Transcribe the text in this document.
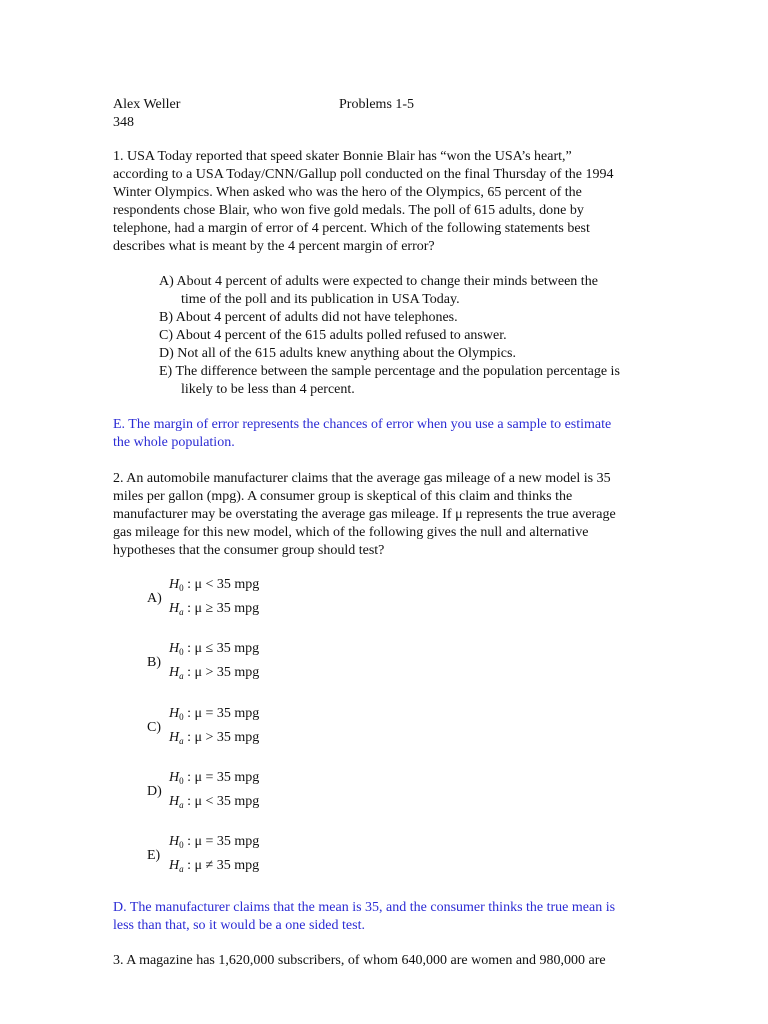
Alex Weller	Problems 1-5
348
1. USA Today reported that speed skater Bonnie Blair has “won the USA’s heart,”
according to a USA Today/CNN/Gallup poll conducted on the final Thursday of the 1994
Winter Olympics. When asked who was the hero of the Olympics, 65 percent of the
respondents chose Blair, who won five gold medals. The poll of 615 adults, done by
telephone, had a margin of error of 4 percent. Which of the following statements best
describes what is meant by the 4 percent margin of error?
A) About 4 percent of adults were expected to change their minds between the
time of the poll and its publication in USA Today.
B) About 4 percent of adults did not have telephones.
C) About 4 percent of the 615 adults polled refused to answer.
D) Not all of the 615 adults knew anything about the Olympics.
E) The difference between the sample percentage and the population percentage is
likely to be less than 4 percent.
E. The margin of error represents the chances of error when you use a sample to estimate
the whole population.
2. An automobile manufacturer claims that the average gas mileage of a new model is 35
miles per gallon (mpg). A consumer group is skeptical of this claim and thinks the
manufacturer may be overstating the average gas mileage. If μ represents the true average
gas mileage for this new model, which of the following gives the null and alternative
hypotheses that the consumer group should test?
A)
$H_0$ : μ < 35 mpg
$H_a$ : μ ≥ 35 mpg
B)
$H_0$ : μ ≤ 35 mpg
$H_a$ : μ > 35 mpg
C)
$H_0$ : μ = 35 mpg
$H_a$ : μ > 35 mpg
D)
$H_0$ : μ = 35 mpg
$H_a$ : μ < 35 mpg
E)
$H_0$ : μ = 35 mpg
$H_a$ : μ ≠ 35 mpg
D. The manufacturer claims that the mean is 35, and the consumer thinks the true mean is
less than that, so it would be a one sided test.
3. A magazine has 1,620,000 subscribers, of whom 640,000 are women and 980,000 are
